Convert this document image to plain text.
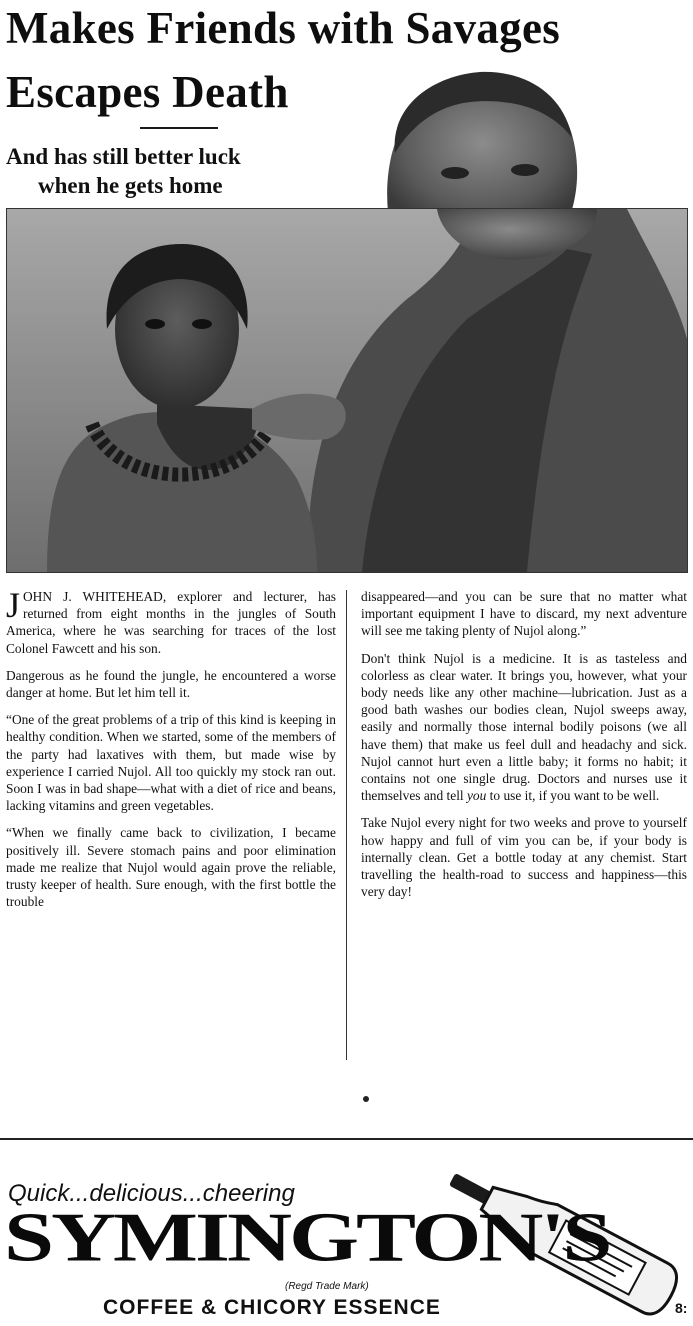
Makes Friends with Savages
Escapes Death
And has still better luck
when he gets home

JOHN J. WHITEHEAD, explorer and lecturer, has returned from eight months in the jungles of South America, where he was searching for traces of the lost Colonel Fawcett and his son.

Dangerous as he found the jungle, he encountered a worse danger at home. But let him tell it.

“One of the great problems of a trip of this kind is keeping in healthy condition. When we started, some of the members of the party had laxatives with them, but made wise by experience I carried Nujol. All too quickly my stock ran out. Soon I was in bad shape—what with a diet of rice and beans, lacking vitamins and green vegetables.

“When we finally came back to civilization, I became positively ill. Severe stomach pains and poor elimination made me realize that Nujol would again prove the reliable, trusty keeper of health. Sure enough, with the first bottle the trouble

disappeared—and you can be sure that no matter what important equipment I have to discard, my next adventure will see me taking plenty of Nujol along.”

Don't think Nujol is a medicine. It is as tasteless and colorless as clear water. It brings you, however, what your body needs like any other machine—lubrication. Just as a good bath washes our bodies clean, Nujol sweeps away, easily and normally those internal bodily poisons (we all have them) that make us feel dull and headachy and sick. Nujol cannot hurt even a little baby; it forms no habit; it contains not one single drug. Doctors and nurses use it themselves and tell you to use it, if you want to be well.

Take Nujol every night for two weeks and prove to yourself how happy and full of vim you can be, if your body is internally clean. Get a bottle today at any chemist. Start travelling the health-road to success and happiness—this very day!

Quick...delicious...cheering

SYMINGTON'S

(Regd Trade Mark)

COFFEE & CHICORY ESSENCE	8:
